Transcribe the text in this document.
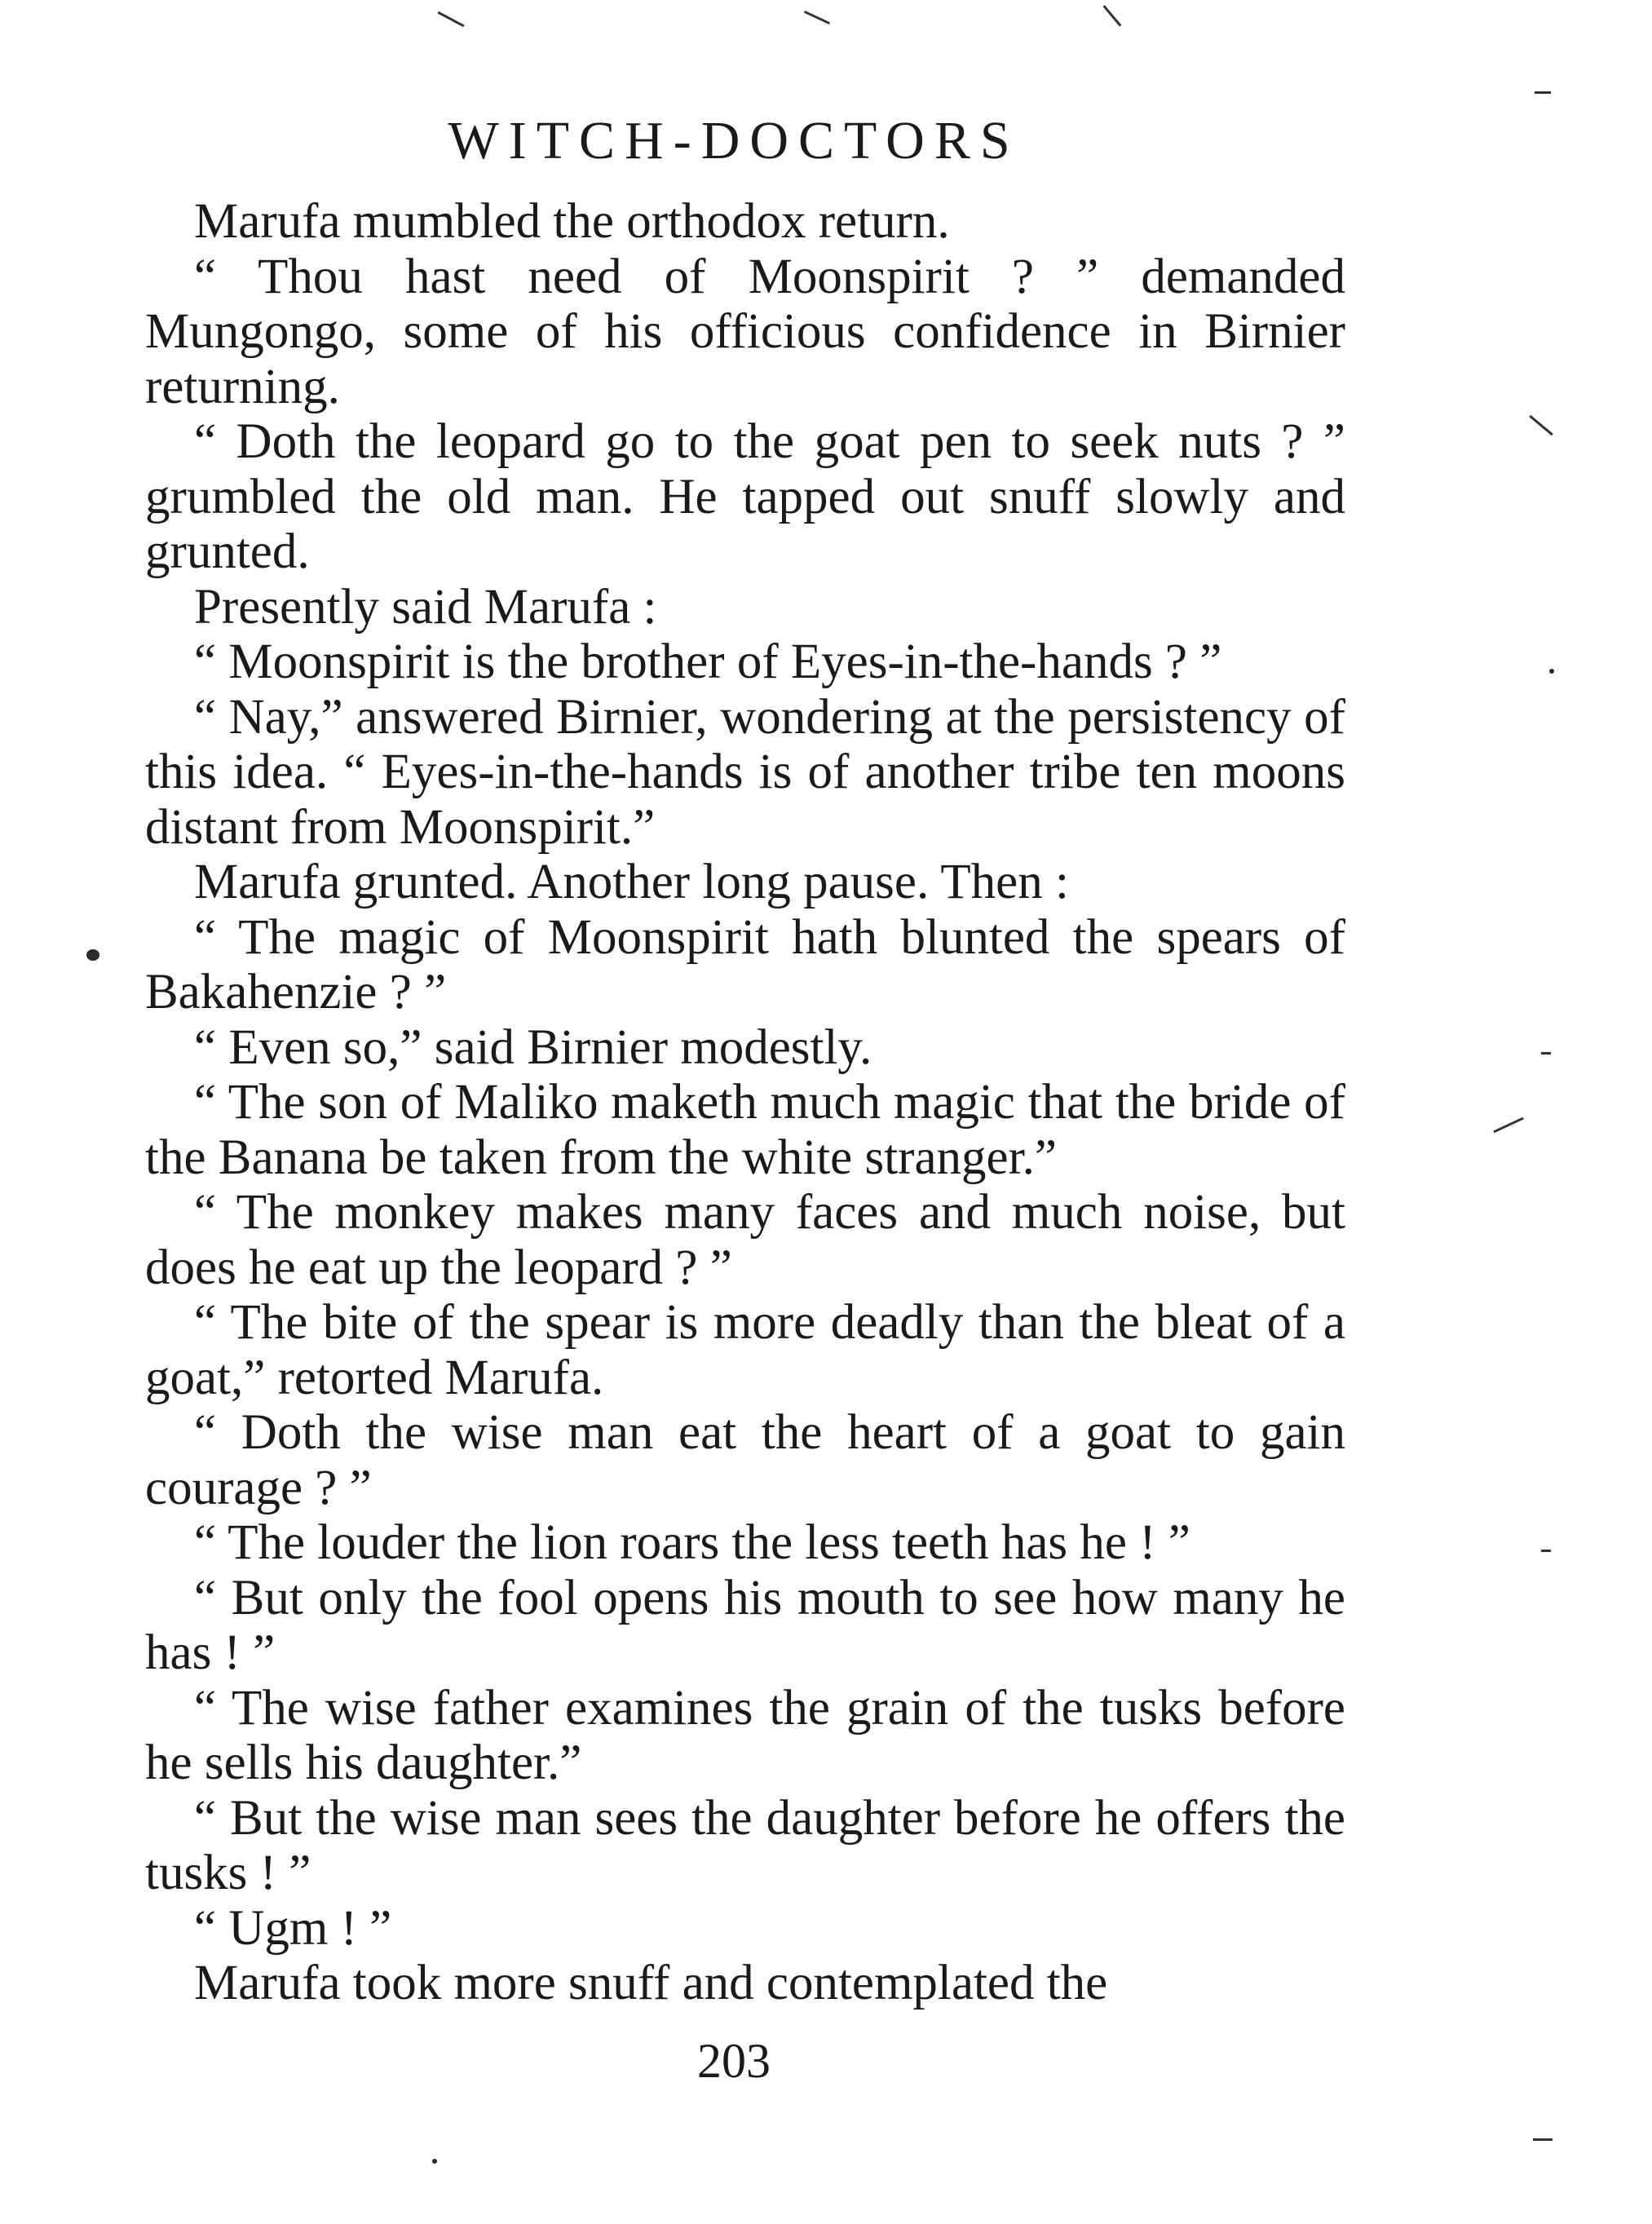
WITCH-DOCTORS

Marufa mumbled the orthodox return.

“ Thou hast need of Moonspirit ? ” demanded Mungongo, some of his officious confidence in Birnier returning.

“ Doth the leopard go to the goat pen to seek nuts ? ” grumbled the old man. He tapped out snuff slowly and grunted.

Presently said Marufa :

“ Moonspirit is the brother of Eyes-in-the-hands ? ”

“ Nay,” answered Birnier, wondering at the persistency of this idea. “ Eyes-in-the-hands is of another tribe ten moons distant from Moonspirit.”

Marufa grunted. Another long pause. Then :

“ The magic of Moonspirit hath blunted the spears of Bakahenzie ? ”

“ Even so,” said Birnier modestly.

“ The son of Maliko maketh much magic that the bride of the Banana be taken from the white stranger.”

“ The monkey makes many faces and much noise, but does he eat up the leopard ? ”

“ The bite of the spear is more deadly than the bleat of a goat,” retorted Marufa.

“ Doth the wise man eat the heart of a goat to gain courage ? ”

“ The louder the lion roars the less teeth has he ! ”

“ But only the fool opens his mouth to see how many he has ! ”

“ The wise father examines the grain of the tusks before he sells his daughter.”

“ But the wise man sees the daughter before he offers the tusks ! ”

“ Ugm ! ”

Marufa took more snuff and contemplated the

203
